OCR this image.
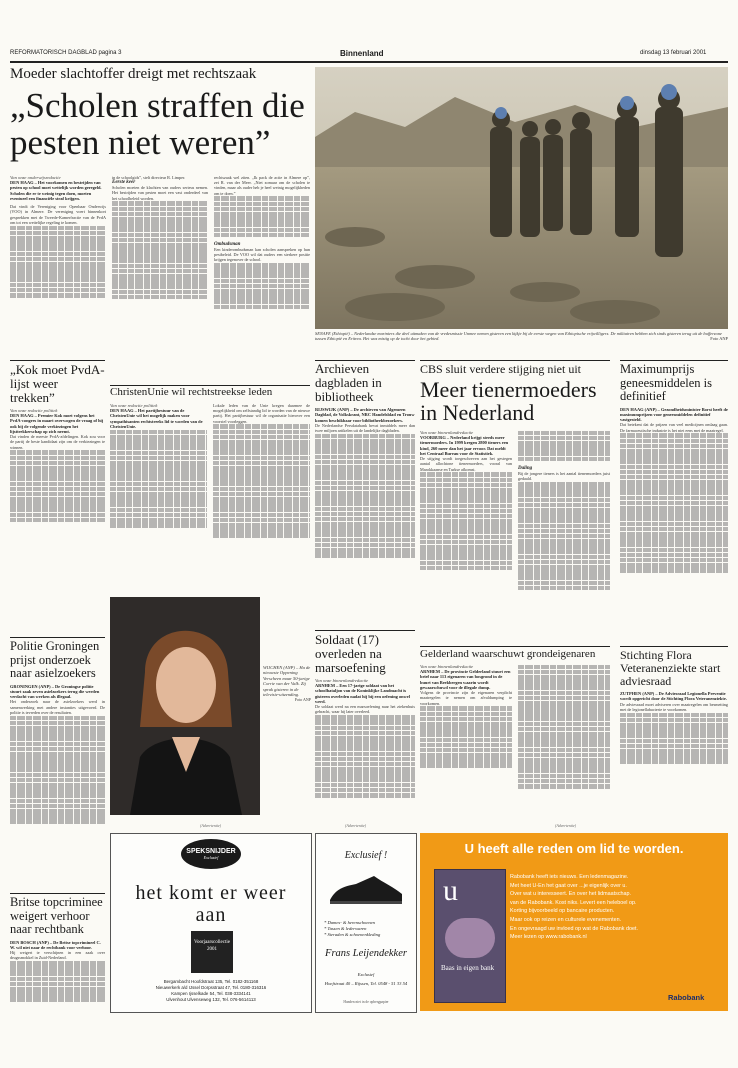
REFORMATORISCH DAGBLAD pagina 3	Binnenland	dinsdag 13 februari 2001
Moeder slachtoffer dreigt met rechtszaak
„Scholen straffen die pesten niet weren”
Van onze onderwijsredactie
DEN HAAG – Het voorkomen en bestrijden van pesten op school moet wettelijk worden geregeld. Scholen die er te weinig tegen doen, moeten eventueel een financiële straf krijgen.
Dat vindt de Vereniging voor Openbaar Onderwijs (VOO) in Almere. De vereniging voert binnenkort gesprekken met de Tweede-Kamerfractie van de PvdA om tot een wettelijke regeling te komen.
in de schoolgids”, stelt directeur R. Limper.
Eerste keer
Scholen moeten de klachten van ouders serieus nemen. Het bestrijden van pesten moet een vast onderdeel van het schoolbeleid worden.
rechtszaak wel ziten. „Ik pack de actie in Almere op”, zei R. van der Meer. „Niet zomaar om de scholen te vinden, maar als ouder heb je heel weinig mogelijkheden om te doen.”
Ombudsman
Een kinderombudsman kan scholen aanspreken op hun pestbeleid. De VOO wil dat ouders een sterkere positie krijgen tegenover de school.
SENAFE (Ethiopië) – Nederlandse mariniers die deel uitmaken van de vredesmissie Unmee nemen gisteren een kijkje bij de eerste wegen van Ethiopische vrijwilligers. De militairen hebben zich sinds gisteren terug uit de bufferzone tussen Ethiopië en Eritrea. Het was mistig op de tocht door het gebied.	Foto ANP
„Kok moet PvdA-lijst weer trekken”
Van onze redactie politiek
DEN HAAG – Premier Kok moet volgens het PvdA-congres in maart overwogen de vraag of hij ook bij de volgende verkiezingen het lijsttrekkerschap op zich neemt.
Dat vinden de meeste PvdA-afdelingen. Kok zou voor de partij de beste kandidaat zijn om de verkiezingen te winnen.
Politie Groningen prijst onderzoek naar asielzoekers
GRONINGEN (ANP) – De Groningse politie stuurt zaak zeven asielzoekers terug die werden verdacht van werken als illegaal.
Het onderzoek naar de asielzoekers werd in samenwerking met andere instanties uitgevoerd. De politie is tevreden over de resultaten.
Britse topcriminee weigert verhoor naar rechtbank
DEN BOSCH (ANP) – De Britse topcrimineel C. W. wil niet naar de rechtbank voor verhoor.
Hij weigert te verschijnen in een zaak over drugssmokkel in Zuid-Nederland.
ChristenUnie wil rechtstreekse leden
Van onze redactie politiek
DEN HAAG – Het partijbestuur van de ChristenUnie wil het mogelijk maken voor sympathisanten rechtstreeks lid te worden van de ChristenUnie.
Lokale leden van de Unie kregen daarmee de mogelijkheid om zelfstandig lid te worden van de nieuwe partij. Het partijbestuur wil de organisatie hierover een voorstel voorleggen.
WIJCHEN (ANP) – Ha de nieuwste Oppening Verscheen maar 50-jarige Corrie van der Valk. Zij sprak gisteren in de televisie-uitzending.
Foto ANP
(Advertentie)
SPEKSNIJDER
Exclusief
het komt er weer aan
Voorjaarscollectie 2001
Bergambacht Hoofdstraat 135, Tel. 0182-351168
Nieuwerkerk a/d IJssel Dorpsstraat 47, Tel. 0180-316316
Kampen Ijsselkade 54, Tel. 038-3334141
Ulvenhout Ulvenseweg 132, Tel. 076-5614113
Archieven dagbladen in bibliotheek
RIJSWIJK (ANP) – De archieven van Algemeen Dagblad, de Volkskrant, NRC Handelsblad en Trouw komen beschikbaar voor bibliotheekbezoekers.
De Nederlandse Persdatabank bevat inmiddels meer dan twee miljoen artikelen uit de landelijke dagbladen.
Soldaat (17) overleden na marsoefening
Van onze binnenlandredactie
ARNHEM – Een 17-jarige soldaat van het schoolbataljon van de Koninklijke Landmacht is gisteren overleden nadat hij bij een oefening onwel werd.
De soldaat werd na een marsoefening naar het ziekenhuis gebracht, waar hij later overleed.
(Advertentie)
Exclusief !
* Dames- & herenschoenen
* Tassen & lederwaren
* Sieraden & schoenenkleding
Frans Leijendekker
Exclusief
Hoefstraat 40 – Rijssen, Tel. 0548 - 51 33 54
Handen niet in de opbergpapier
CBS sluit verdere stijging niet uit
Meer tienermoeders in Nederland
Van onze binnenlandredactie
VOORBURG – Nederland krijgt steeds meer tienermoeders. In 1999 kregen 2800 tieners een kind, 260 meer dan het jaar ervoor. Dat meldt het Centraal Bureau voor de Statistiek.
De stijging wordt toegeschreven aan het gestegen aantal allochtone tienermoeders, vooral van Marokkaanse en Turkse afkomst.	Daling
Bij de jongere tieners is het aantal tienermoeders juist gedaald.
Gelderland waarschuwt grondeigenaren
Van onze binnenlandredactie
ARNHEM – De provincie Gelderland stuurt een brief naar 113 eigenaren van bosgrond in de buurt van Beekbergen waarin wordt gewaarschuwd voor de illegale dump.
Volgens de provincie zijn de eigenaren verplicht maatregelen te nemen om afvaldumping te voorkomen.
Maximumprijs geneesmiddelen is definitief
DEN HAAG (ANP) – Gezondheidsminister Borst heeft de maximumprijzen voor geneesmiddelen definitief vastgesteld.
Dat betekent dat de prijzen van veel medicijnen omlaag gaan. De farmaceutische industrie is het niet eens met de maatregel.
Stichting Flora Veteranenziekte start adviesraad
ZUTPHEN (ANP) – De Adviesraad Legionella Preventie wordt opgericht door de Stichting Flora Veteranenziekte.
De adviesraad moet adviseren over maatregelen om besmetting met de legionellabacterie te voorkomen.
(Advertentie)
U heeft alle reden om lid te worden.
u
Baas in eigen bank
Rabobank heeft iets nieuws. Een ledenmagazine.
Met heet U-En het gaat over ...je eigenlijk over u.
Over wat u interesseert. En over het lidmaatschap.
van de Rabobank. Kost niks. Levert een heleboel op.
Korting bijvoorbeeld op bancaire producten.
Maar ook op reizen en culturele evenementen.
En ongevraagd uw invloed op wat de Rabobank doet.
Meer lezen op www.rabobank.nl
Rabobank
